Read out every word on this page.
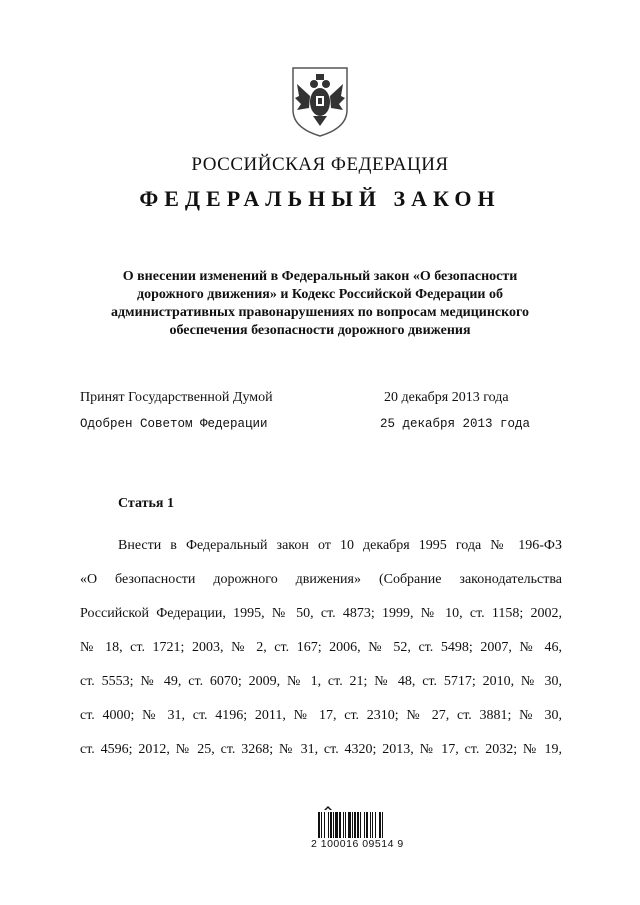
РОССИЙСКАЯ ФЕДЕРАЦИЯ
ФЕДЕРАЛЬНЫЙ ЗАКОН
О внесении изменений в Федеральный закон «О безопасности
дорожного движения» и Кодекс Российской Федерации об
административных правонарушениях по вопросам медицинского
обеспечения безопасности дорожного движения
Принят Государственной Думой	20 декабря 2013 года
Одобрен Советом Федерации	25 декабря 2013 года
Статья 1
Внести в Федеральный закон от 10 декабря 1995 года № 196-ФЗ
«О безопасности дорожного движения» (Собрание законодательства
Российской Федерации, 1995, № 50, ст. 4873; 1999, № 10, ст. 1158; 2002,
№ 18, ст. 1721; 2003, № 2, ст. 167; 2006, № 52, ст. 5498; 2007, № 46,
ст. 5553; № 49, ст. 6070; 2009, № 1, ст. 21; № 48, ст. 5717; 2010, № 30,
ст. 4000; № 31, ст. 4196; 2011, № 17, ст. 2310; № 27, ст. 3881; № 30,
ст. 4596; 2012, № 25, ст. 3268; № 31, ст. 4320; 2013, № 17, ст. 2032; № 19,
2 100016 09514 9
